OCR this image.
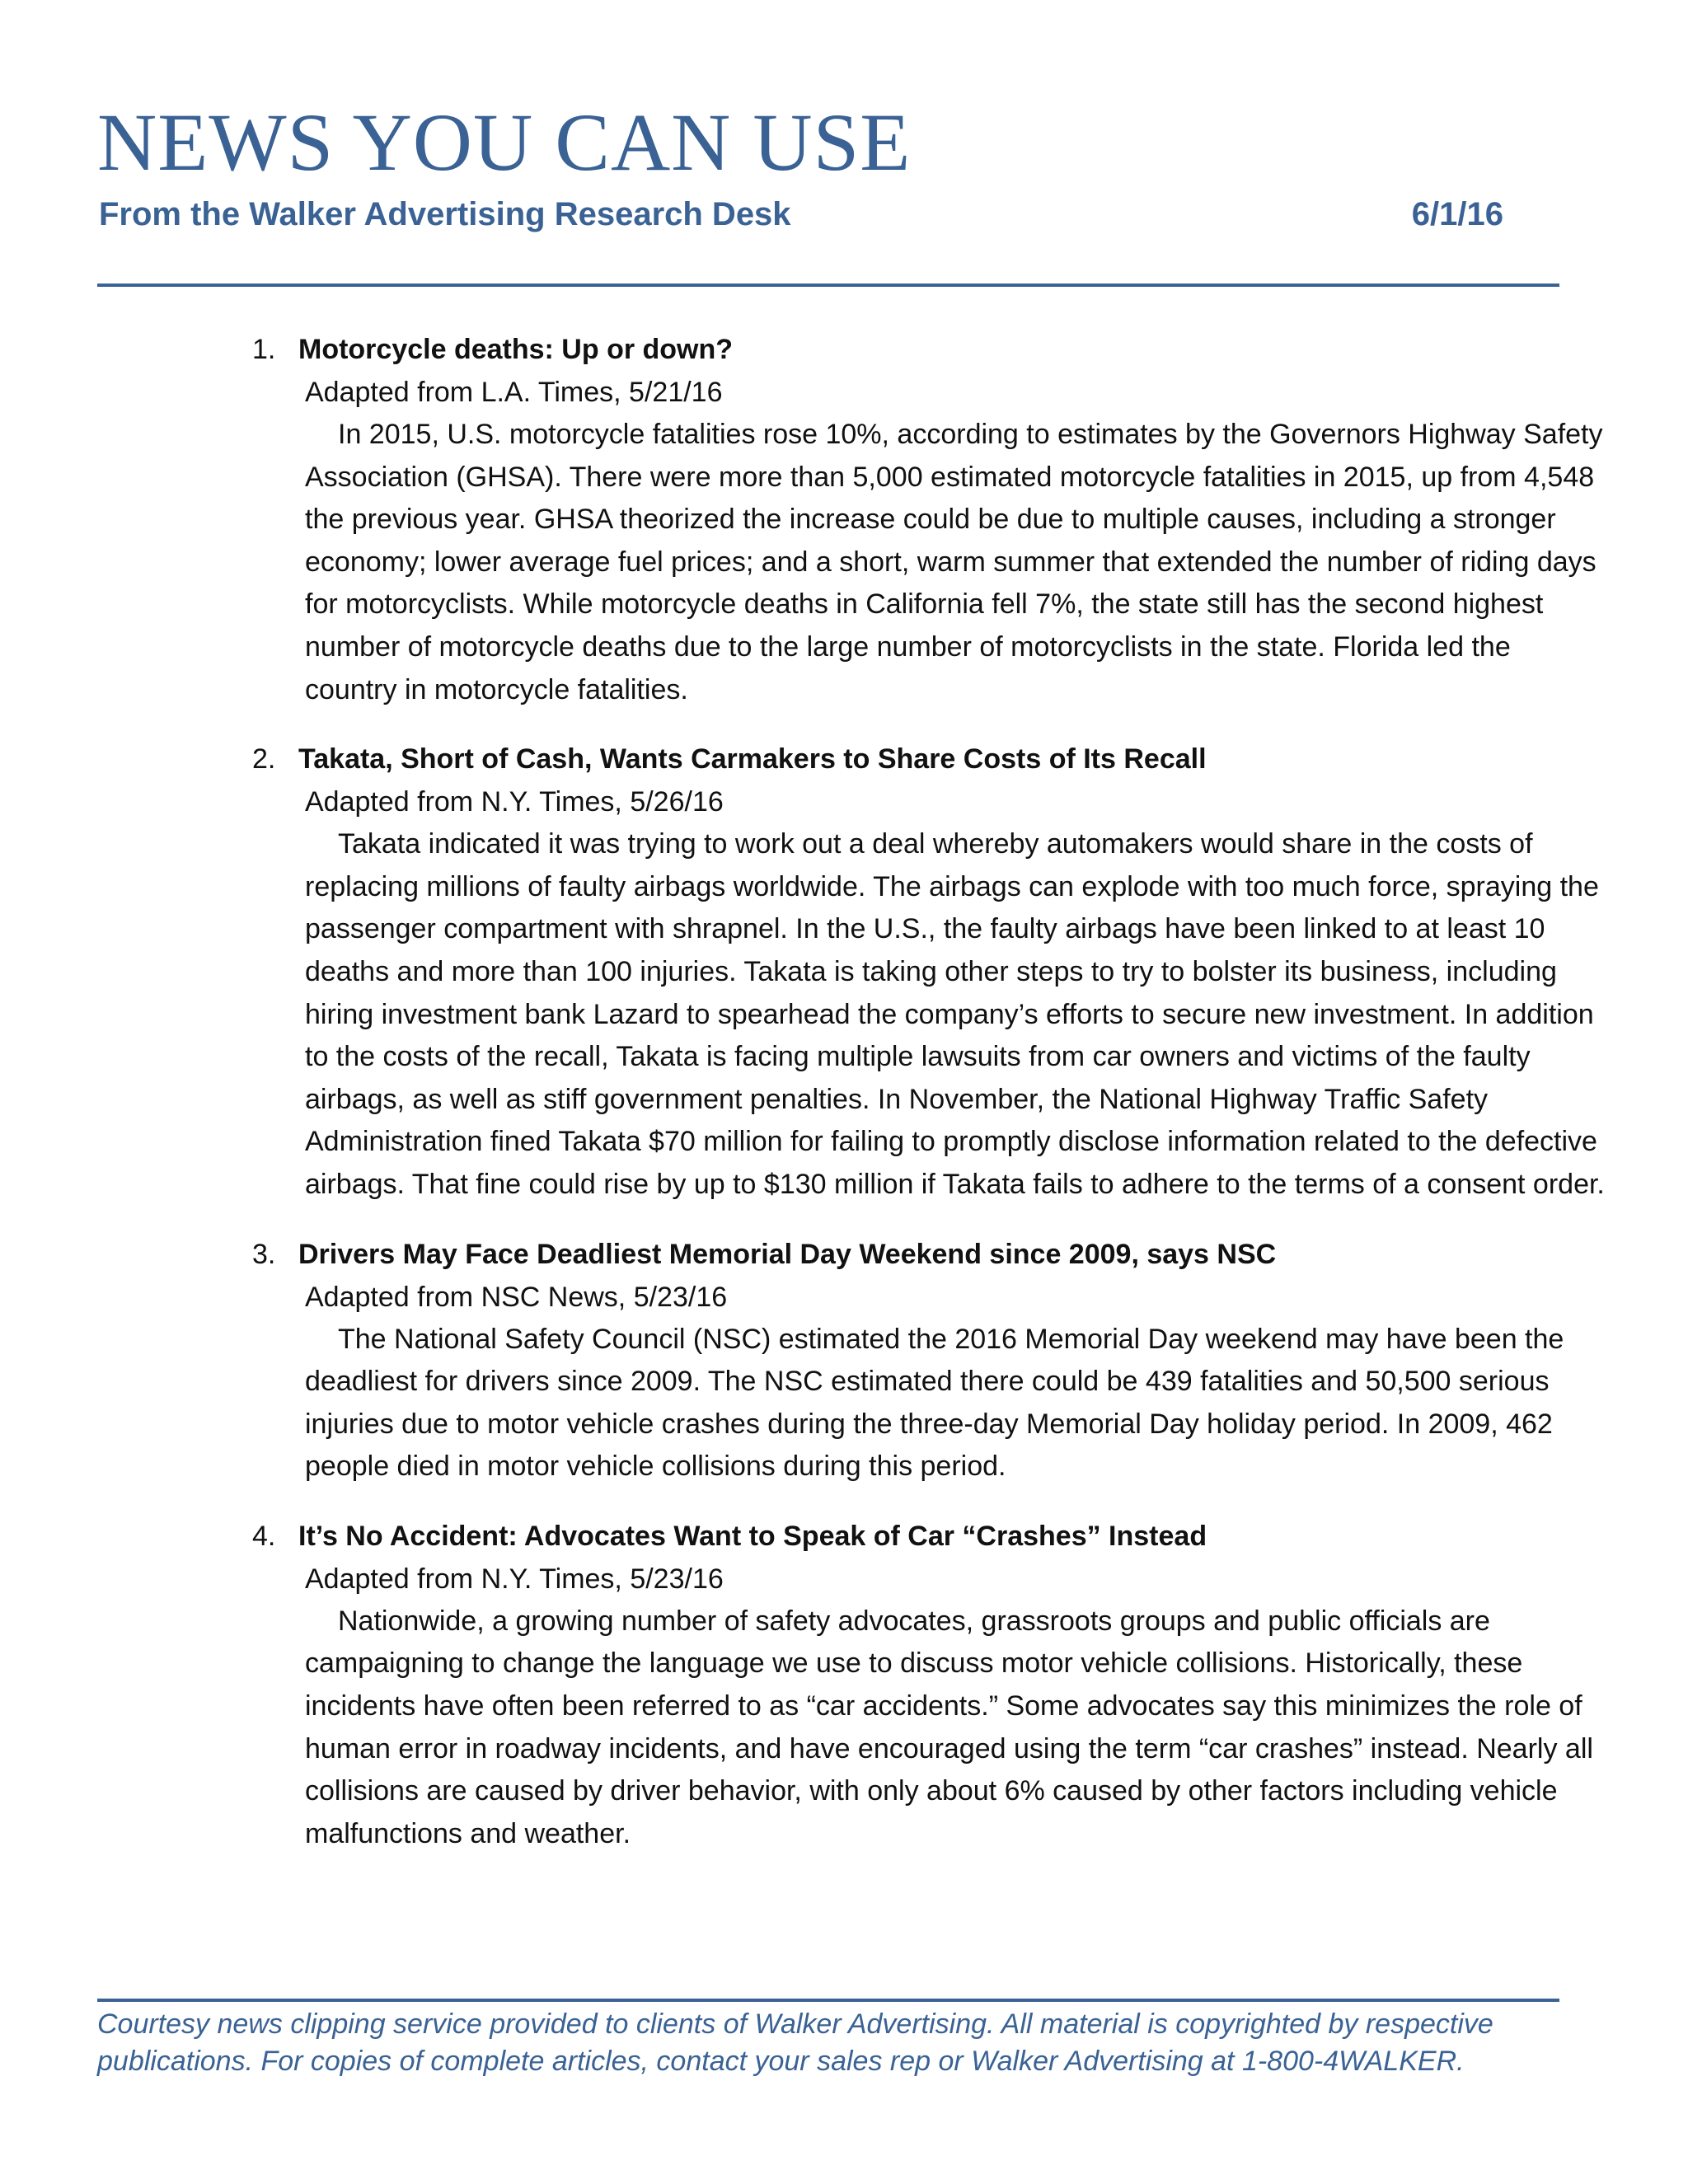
NEWS YOU CAN USE
From the Walker Advertising Research Desk	6/1/16
1. Motorcycle deaths: Up or down?
Adapted from L.A. Times, 5/21/16
In 2015, U.S. motorcycle fatalities rose 10%, according to estimates by the Governors Highway Safety Association (GHSA). There were more than 5,000 estimated motorcycle fatalities in 2015, up from 4,548 the previous year. GHSA theorized the increase could be due to multiple causes, including a stronger economy; lower average fuel prices; and a short, warm summer that extended the number of riding days for motorcyclists. While motorcycle deaths in California fell 7%, the state still has the second highest number of motorcycle deaths due to the large number of motorcyclists in the state. Florida led the country in motorcycle fatalities.
2. Takata, Short of Cash, Wants Carmakers to Share Costs of Its Recall
Adapted from N.Y. Times, 5/26/16
Takata indicated it was trying to work out a deal whereby automakers would share in the costs of replacing millions of faulty airbags worldwide. The airbags can explode with too much force, spraying the passenger compartment with shrapnel. In the U.S., the faulty airbags have been linked to at least 10 deaths and more than 100 injuries. Takata is taking other steps to try to bolster its business, including hiring investment bank Lazard to spearhead the company’s efforts to secure new investment. In addition to the costs of the recall, Takata is facing multiple lawsuits from car owners and victims of the faulty airbags, as well as stiff government penalties. In November, the National Highway Traffic Safety Administration fined Takata $70 million for failing to promptly disclose information related to the defective airbags. That fine could rise by up to $130 million if Takata fails to adhere to the terms of a consent order.
3. Drivers May Face Deadliest Memorial Day Weekend since 2009, says NSC
Adapted from NSC News, 5/23/16
The National Safety Council (NSC) estimated the 2016 Memorial Day weekend may have been the deadliest for drivers since 2009. The NSC estimated there could be 439 fatalities and 50,500 serious injuries due to motor vehicle crashes during the three-day Memorial Day holiday period. In 2009, 462 people died in motor vehicle collisions during this period.
4. It’s No Accident: Advocates Want to Speak of Car “Crashes” Instead
Adapted from N.Y. Times, 5/23/16
Nationwide, a growing number of safety advocates, grassroots groups and public officials are campaigning to change the language we use to discuss motor vehicle collisions. Historically, these incidents have often been referred to as “car accidents.” Some advocates say this minimizes the role of human error in roadway incidents, and have encouraged using the term “car crashes” instead. Nearly all collisions are caused by driver behavior, with only about 6% caused by other factors including vehicle malfunctions and weather.
Courtesy news clipping service provided to clients of Walker Advertising. All material is copyrighted by respective publications. For copies of complete articles, contact your sales rep or Walker Advertising at 1-800-4WALKER.
